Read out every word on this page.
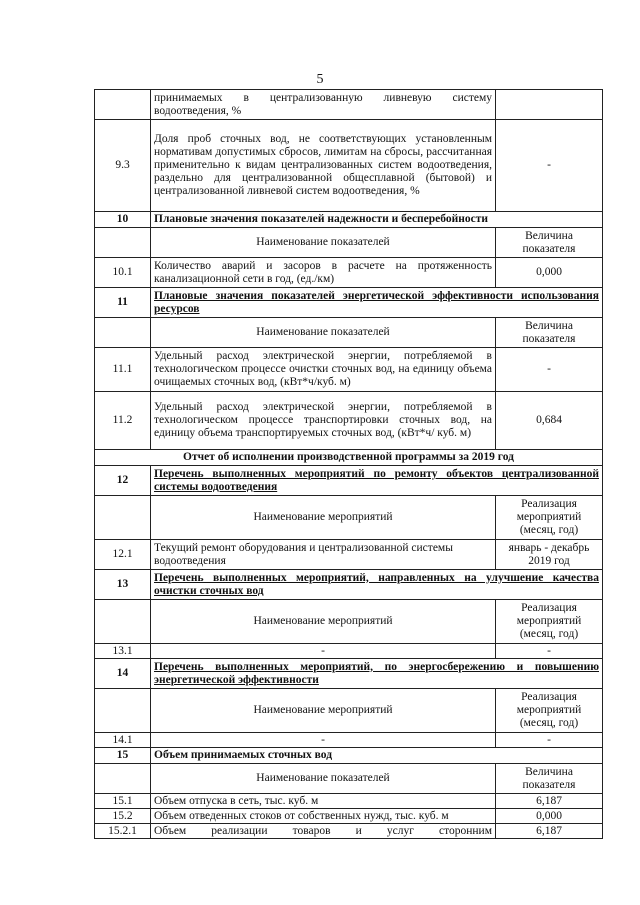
5
	принимаемых в централизованную ливневую систему водоотведения, %	
9.3	Доля проб сточных вод, не соответствующих установленным нормативам допустимых сбросов, лимитам на сбросы, рассчитанная применительно к видам централизованных систем водоотведения, раздельно для централизованной общесплавной (бытовой) и централизованной ливневой систем водоотведения, %	-
10	Плановые значения показателей надежности и бесперебойности	
	Наименование показателей	Величина показателя
10.1	Количество аварий и засоров в расчете на протяженность канализационной сети в год, (ед./км)	0,000
11	Плановые значения показателей энергетической эффективности использования ресурсов	
	Наименование показателей	Величина показателя
11.1	Удельный расход электрической энергии, потребляемой в технологическом процессе очистки сточных вод, на единицу объема очищаемых сточных вод, (кВт*ч/куб. м)	-
11.2	Удельный расход электрической энергии, потребляемой в технологическом процессе транспортировки сточных вод, на единицу объема транспортируемых сточных вод, (кВт*ч/ куб. м)	0,684
Отчет об исполнении производственной программы за 2019 год		
12	Перечень выполненных мероприятий по ремонту объектов централизованной системы водоотведения	
	Наименование мероприятий	Реализация мероприятий (месяц, год)
12.1	Текущий ремонт оборудования и централизованной системы водоотведения	январь - декабрь 2019 год
13	Перечень выполненных мероприятий, направленных на улучшение качества очистки сточных вод	
	Наименование мероприятий	Реализация мероприятий (месяц, год)
13.1	-	-
14	Перечень выполненных мероприятий, по энергосбережению и повышению энергетической эффективности	
	Наименование мероприятий	Реализация мероприятий (месяц, год)
14.1	-	-
15	Объем принимаемых сточных вод	
	Наименование показателей	Величина показателя
15.1	Объем отпуска в сеть, тыс. куб. м	6,187
15.2	Объем отведенных стоков от собственных нужд, тыс. куб. м	0,000
15.2.1	Объем реализации товаров и услуг сторонним	6,187
